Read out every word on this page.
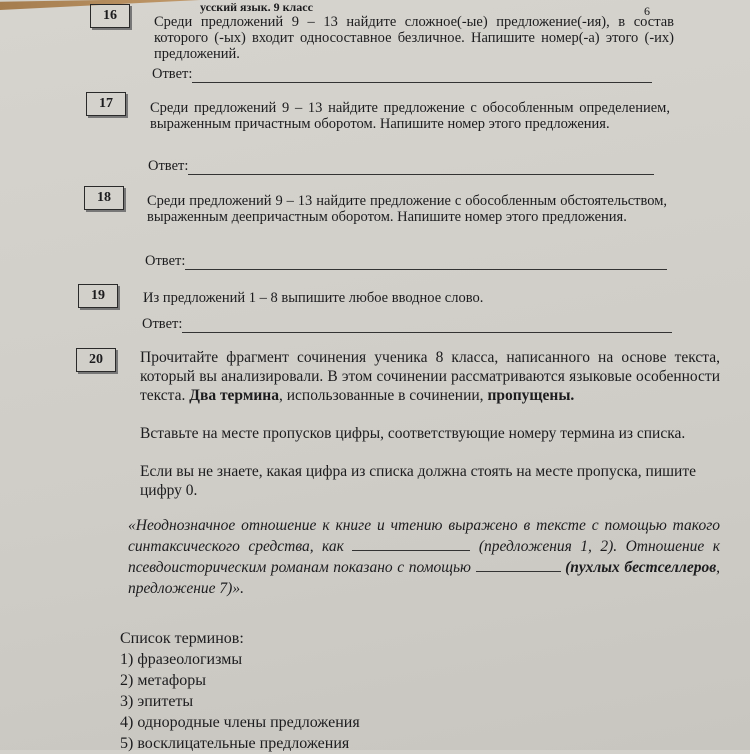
усский язык. 9 класс	6
16	Среди предложений 9 – 13 найдите сложное(-ые) предложение(-ия), в состав которого (-ых) входит односоставное безличное. Напишите номер(-а) этого (-их) предложений.
Ответ:
17	Среди предложений 9 – 13 найдите предложение с обособленным определением, выраженным причастным оборотом. Напишите номер этого предложения.
Ответ:
18	Среди предложений 9 – 13 найдите предложение с обособленным обстоятельством, выраженным деепричастным оборотом. Напишите номер этого предложения.
Ответ:
19	Из предложений 1 – 8 выпишите любое вводное слово.
Ответ:
20	Прочитайте фрагмент сочинения ученика 8 класса, написанного на основе текста, который вы анализировали. В этом сочинении рассматриваются языковые особенности текста. Два термина, использованные в сочинении, пропущены.
Вставьте на месте пропусков цифры, соответствующие номеру термина из списка.
Если вы не знаете, какая цифра из списка должна стоять на месте пропуска, пишите цифру 0.
«Неоднозначное отношение к книге и чтению выражено в тексте с помощью такого синтаксического средства, как	(предложения 1, 2). Отношение к псевдоисторическим романам показано с помощью	(пухлых бестселлеров, предложение 7)».
Список терминов:
1) фразеологизмы
2) метафоры
3) эпитеты
4) однородные члены предложения
5) восклицательные предложения
